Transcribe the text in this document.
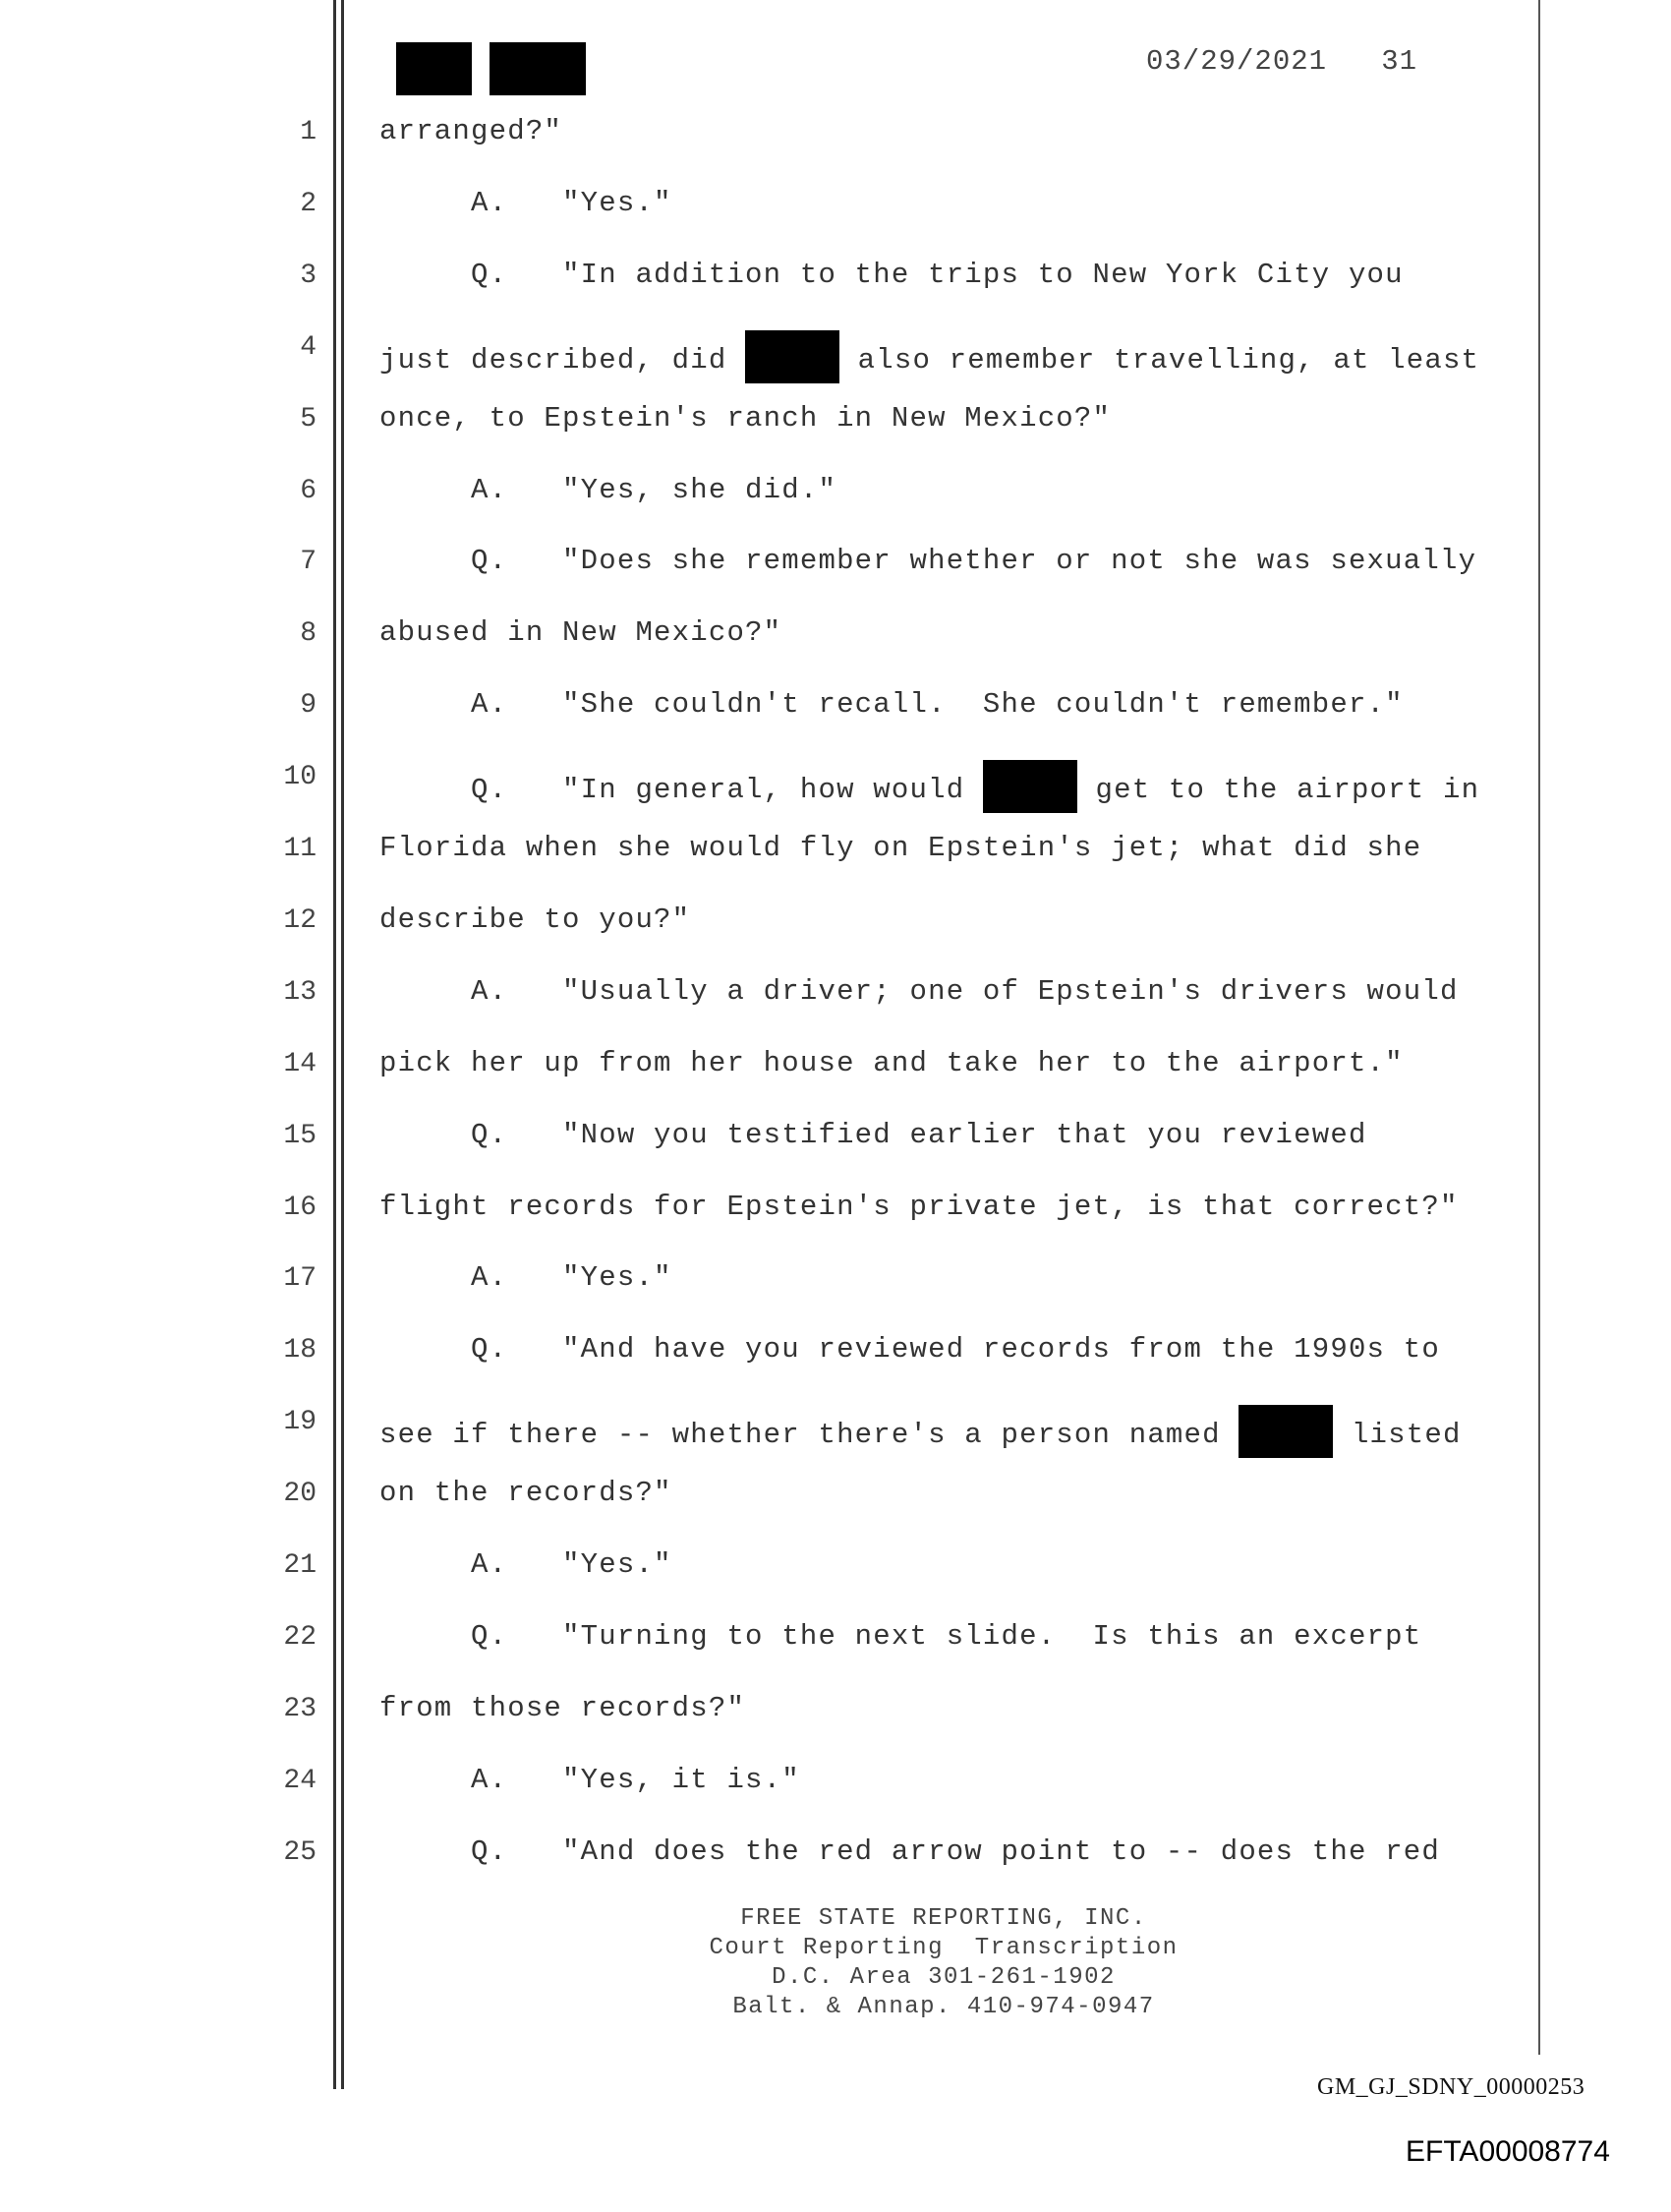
03/29/2021 31
1 arranged?"
2 A.   "Yes."
3 Q.   "In addition to the trips to New York City you
4 just described, did	also remember travelling, at least
5 once, to Epstein's ranch in New Mexico?"
6 A.   "Yes, she did."
7 Q.   "Does she remember whether or not she was sexually
8 abused in New Mexico?"
9 A.   "She couldn't recall.  She couldn't remember."
10 Q.   "In general, how would	get to the airport in
11 Florida when she would fly on Epstein's jet; what did she
12 describe to you?"
13 A.   "Usually a driver; one of Epstein's drivers would
14 pick her up from her house and take her to the airport."
15 Q.   "Now you testified earlier that you reviewed
16 flight records for Epstein's private jet, is that correct?"
17 A.   "Yes."
18 Q.   "And have you reviewed records from the 1990s to
19 see if there -- whether there's a person named	listed
20 on the records?"
21 A.   "Yes."
22 Q.   "Turning to the next slide.  Is this an excerpt
23 from those records?"
24 A.   "Yes, it is."
25 Q.   "And does the red arrow point to -- does the red
FREE STATE REPORTING, INC.
Court Reporting  Transcription
D.C. Area 301-261-1902
Balt. & Annap. 410-974-0947
GM_GJ_SDNY_00000253
EFTA00008774
